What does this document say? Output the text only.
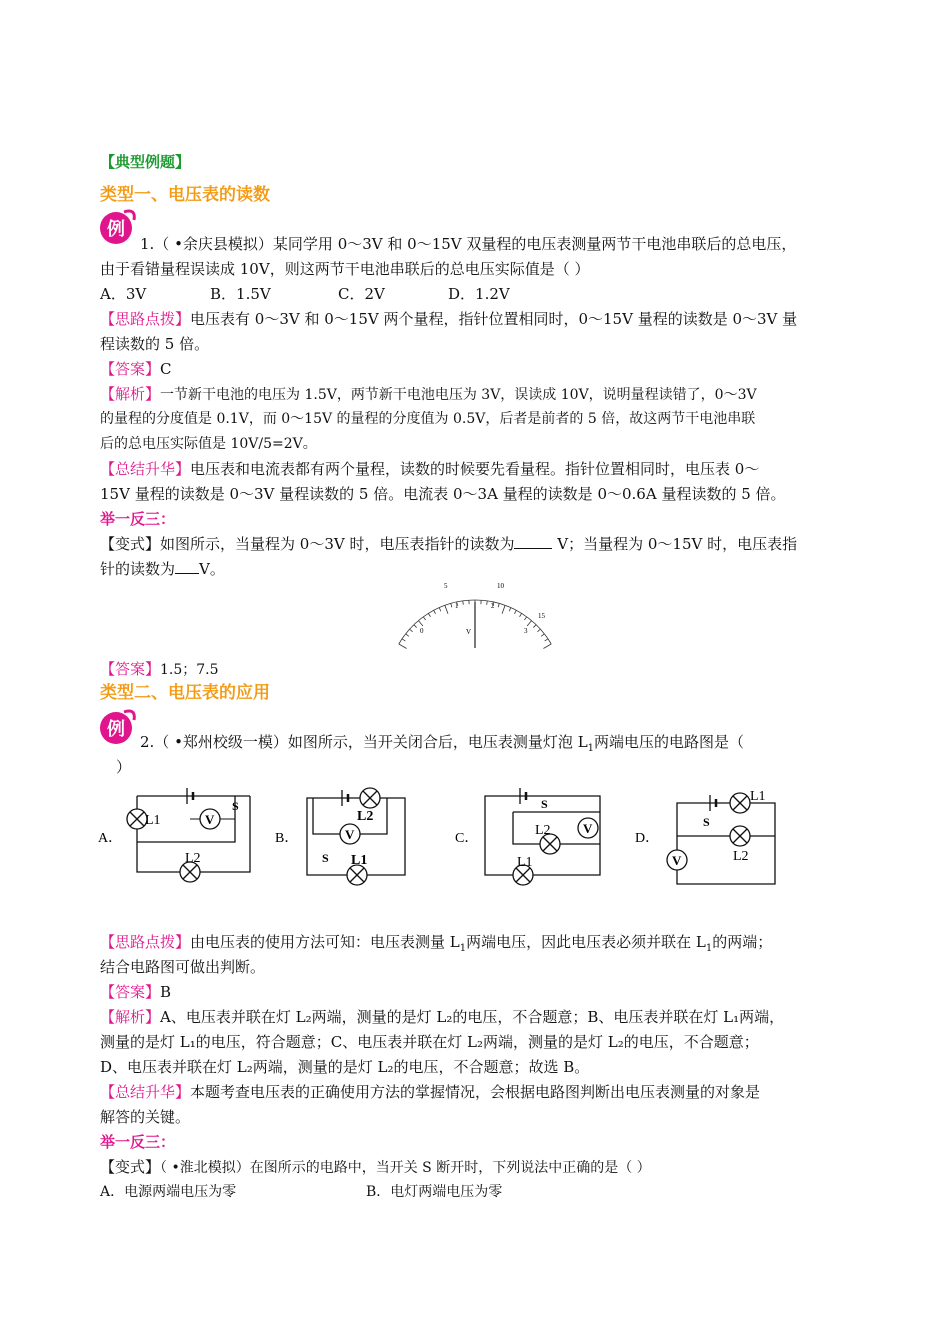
【典型例题】
类型一、电压表的读数
例
1.（ •余庆县模拟）某同学用 0～3V 和 0～15V 双量程的电压表测量两节干电池串联后的总电压，
由于看错量程误读成 10V，则这两节干电池串联后的总电压实际值是（ ）
A．3V	B．1.5V	C．2V	D．1.2V
【思路点拨】电压表有 0～3V 和 0～15V 两个量程，指针位置相同时，0～15V 量程的读数是 0～3V 量
程读数的 5 倍。
【答案】C
【解析】一节新干电池的电压为 1.5V，两节新干电池电压为 3V，误读成 10V，说明量程读错了，0～3V
的量程的分度值是 0.1V，而 0～15V 的量程的分度值为 0.5V，后者是前者的 5 倍，故这两节干电池串联
后的总电压实际值是 10V/5=2V。
【总结升华】电压表和电流表都有两个量程，读数的时候要先看量程。指针位置相同时，电压表 0～
15V 量程的读数是 0～3V 量程读数的 5 倍。电流表 0～3A 量程的读数是 0～0.6A 量程读数的 5 倍。
举一反三：
【变式】如图所示，当量程为 0～3V 时，电压表指针的读数为	V；当量程为 0～15V 时，电压表指
针的读数为 V。
5	10
15
0
1	2
3
V
【答案】1.5；7.5
类型二、电压表的应用
例
2.（ •郑州校级一模）如图所示，当开关闭合后，电压表测量灯泡 $L_1$两端电压的电路图是（
）
V
A．
L1
S
L2
B．
L2
S L1
C．
S
L2
L1
D．
L1
S
L2
【思路点拨】由电压表的使用方法可知：电压表测量 $L_1$两端电压，因此电压表必须并联在 $L_1$的两端；
结合电路图可做出判断。
【答案】B
【解析】A、电压表并联在灯 L₂两端，测量的是灯 L₂的电压，不合题意；B、电压表并联在灯 L₁两端，
测量的是灯 L₁的电压，符合题意；C、电压表并联在灯 L₂两端，测量的是灯 L₂的电压，不合题意；
D、电压表并联在灯 L₂两端，测量的是灯 L₂的电压，不合题意；故选 B。
【总结升华】本题考查电压表的正确使用方法的掌握情况，会根据电路图判断出电压表测量的对象是
解答的关键。
举一反三：
【变式】（ •淮北模拟）在图所示的电路中，当开关 S 断开时，下列说法中正确的是（ ）
A．电源两端电压为零	B．电灯两端电压为零
